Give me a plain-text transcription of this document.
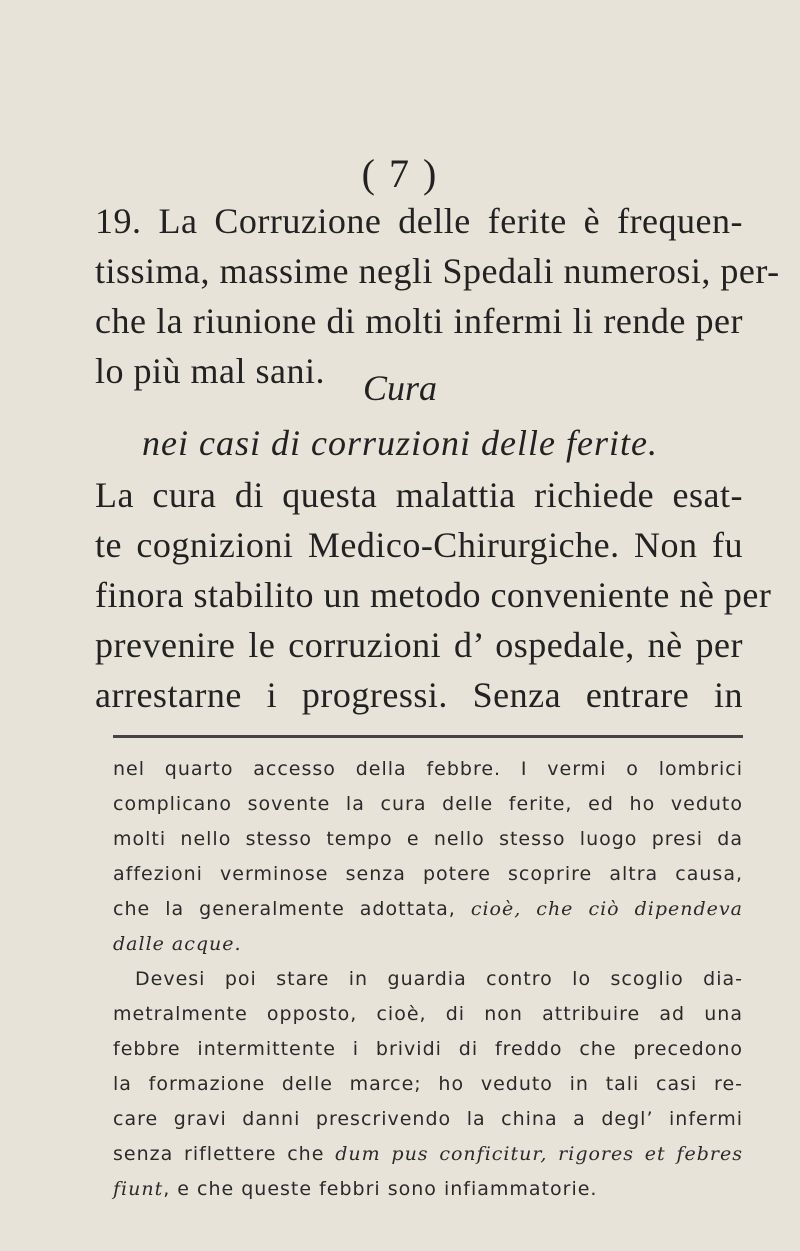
( 7 )

19. La Corruzione delle ferite è frequen-
tissima, massime negli Spedali numerosi, per-
che la riunione di molti infermi li rende per
lo più mal sani.	Cura
nei casi di corruzioni delle ferite.

La cura di questa malattia richiede esat-
te cognizioni Medico-Chirurgiche. Non fu
finora stabilito un metodo conveniente nè per
prevenire le corruzioni d’ ospedale, nè per
arrestarne i progressi. Senza entrare in

nel quarto accesso della febbre. I vermi o lombrici
complicano sovente la cura delle ferite, ed ho veduto
molti nello stesso tempo e nello stesso luogo presi da
affezioni verminose senza potere scoprire altra causa,
che la generalmente adottata, cioè, che ciò dipendeva
dalle acque.
Devesi poi stare in guardia contro lo scoglio dia-
metralmente opposto, cioè, di non attribuire ad una
febbre intermittente i brividi di freddo che precedono
la formazione delle marce; ho veduto in tali casi re-
care gravi danni prescrivendo la china a degl’ infermi
senza riflettere che dum pus conficitur, rigores et febres
fiunt, e che queste febbri sono infiammatorie.
